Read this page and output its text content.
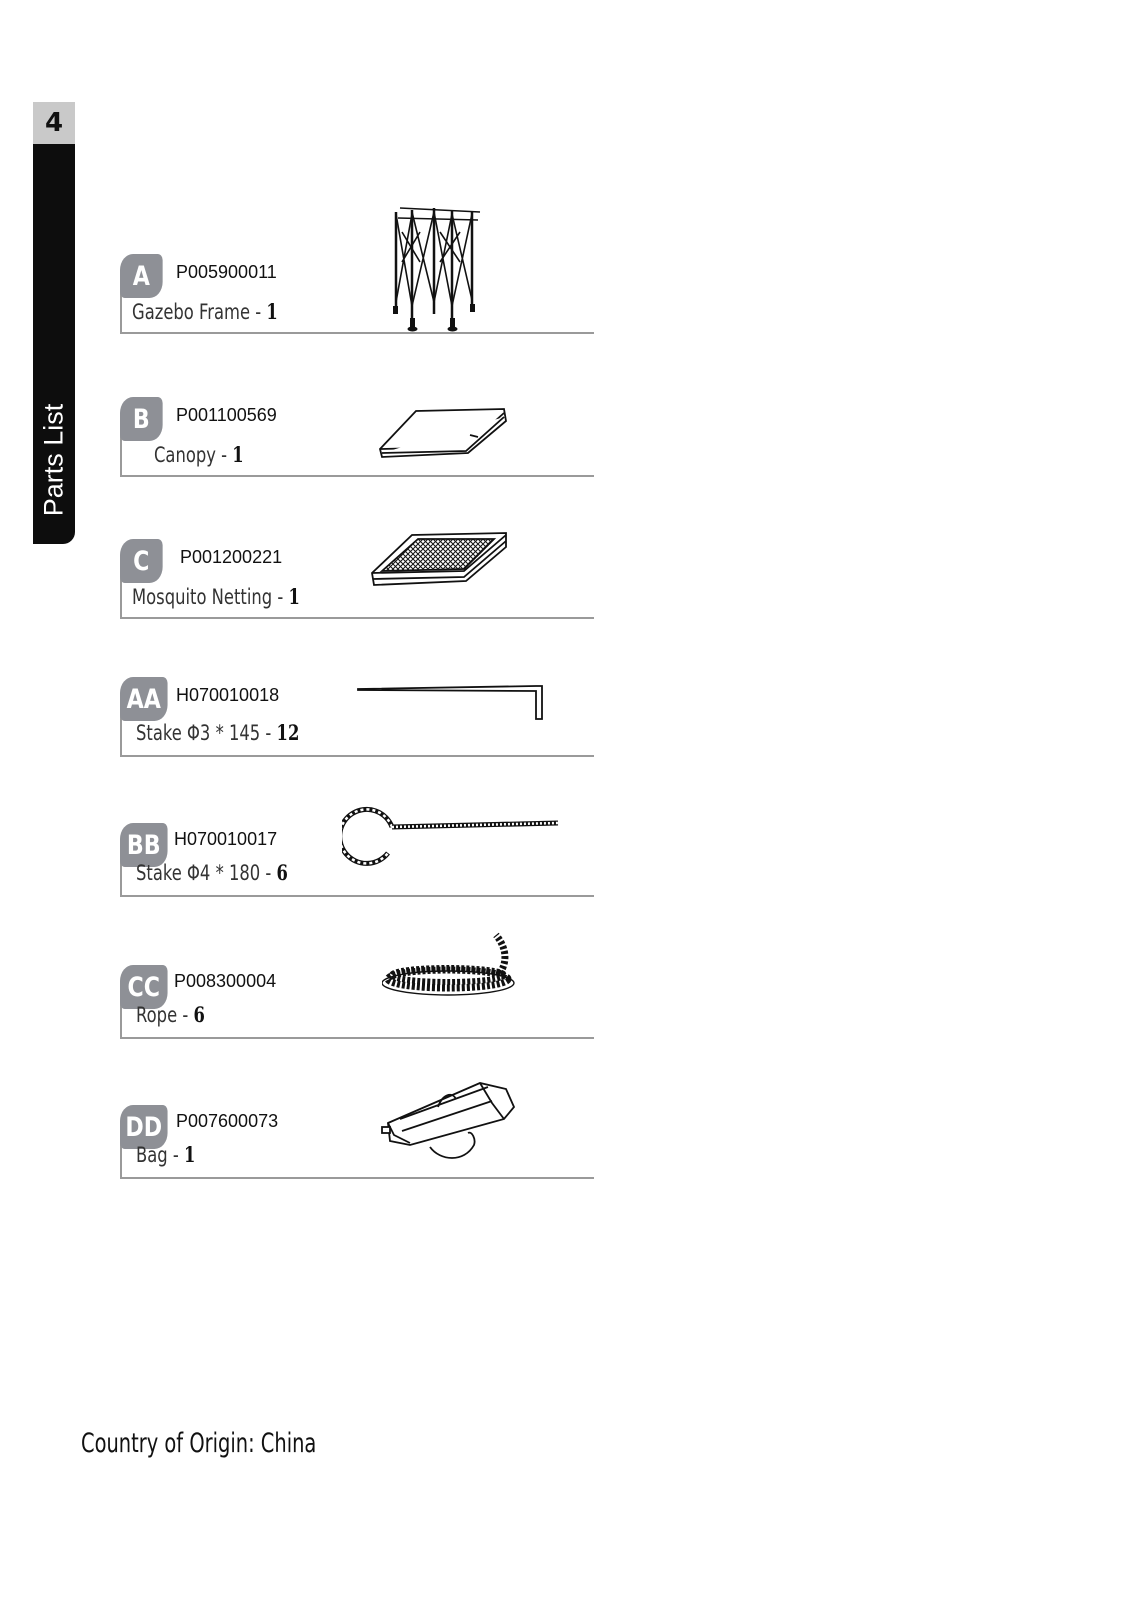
4
Parts List
A	P005900011
Gazebo Frame - 1
B	P001100569
Canopy - 1
C	P001200221
Mosquito Netting - 1
AA H070010018
Stake Φ3 * 145 - 12
BB H070010017
Stake Φ4 * 180 - 6
CC P008300004
Rope - 6
DD P007600073
Bag - 1
Country of Origin: China
